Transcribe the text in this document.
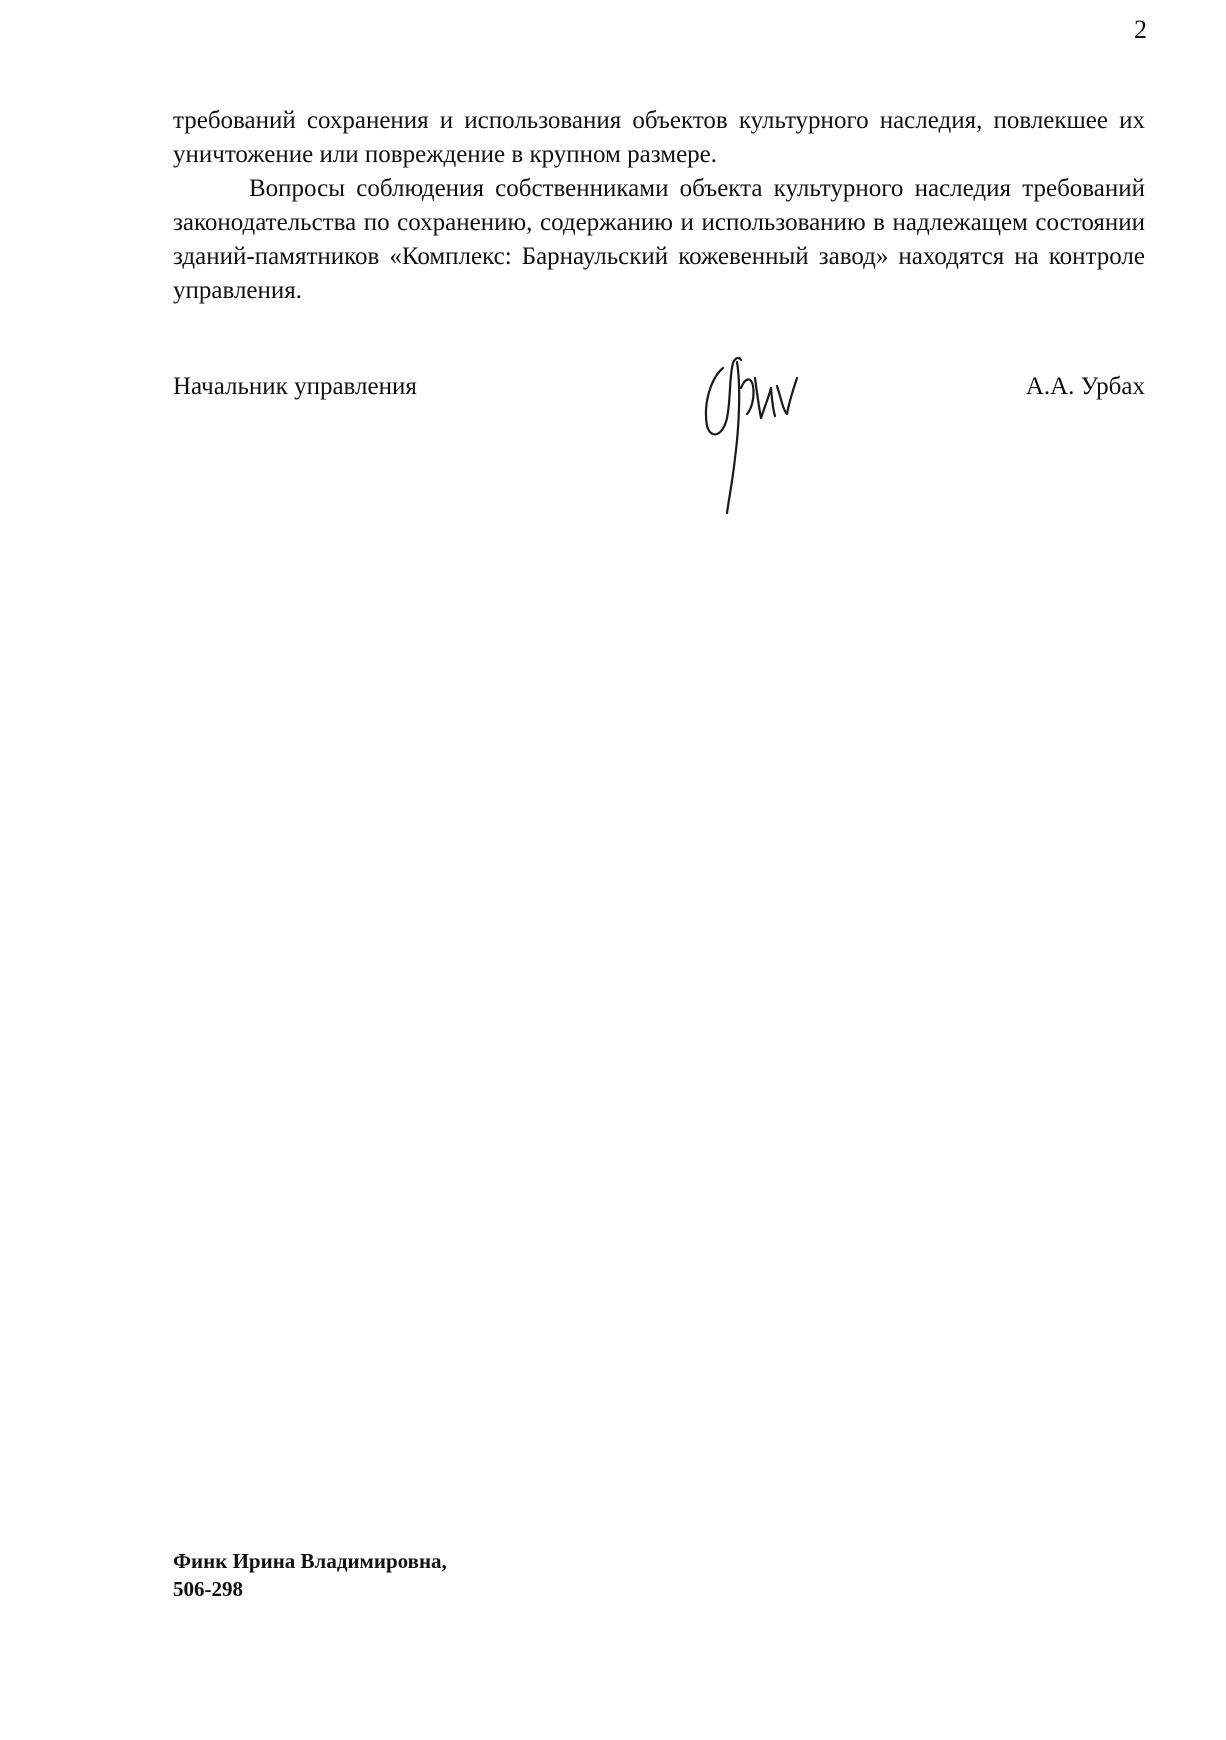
2

требований сохранения и использования объектов культурного наследия, повлекшее их уничтожение или повреждение в крупном размере.

Вопросы соблюдения собственниками объекта культурного наследия требований законодательства по сохранению, содержанию и использованию в надлежащем состоянии зданий-памятников «Комплекс: Барнаульский кожевенный завод» находятся на контроле управления.

Начальник управления	А.А. Урбах
Финк Ирина Владимировна,
506-298
